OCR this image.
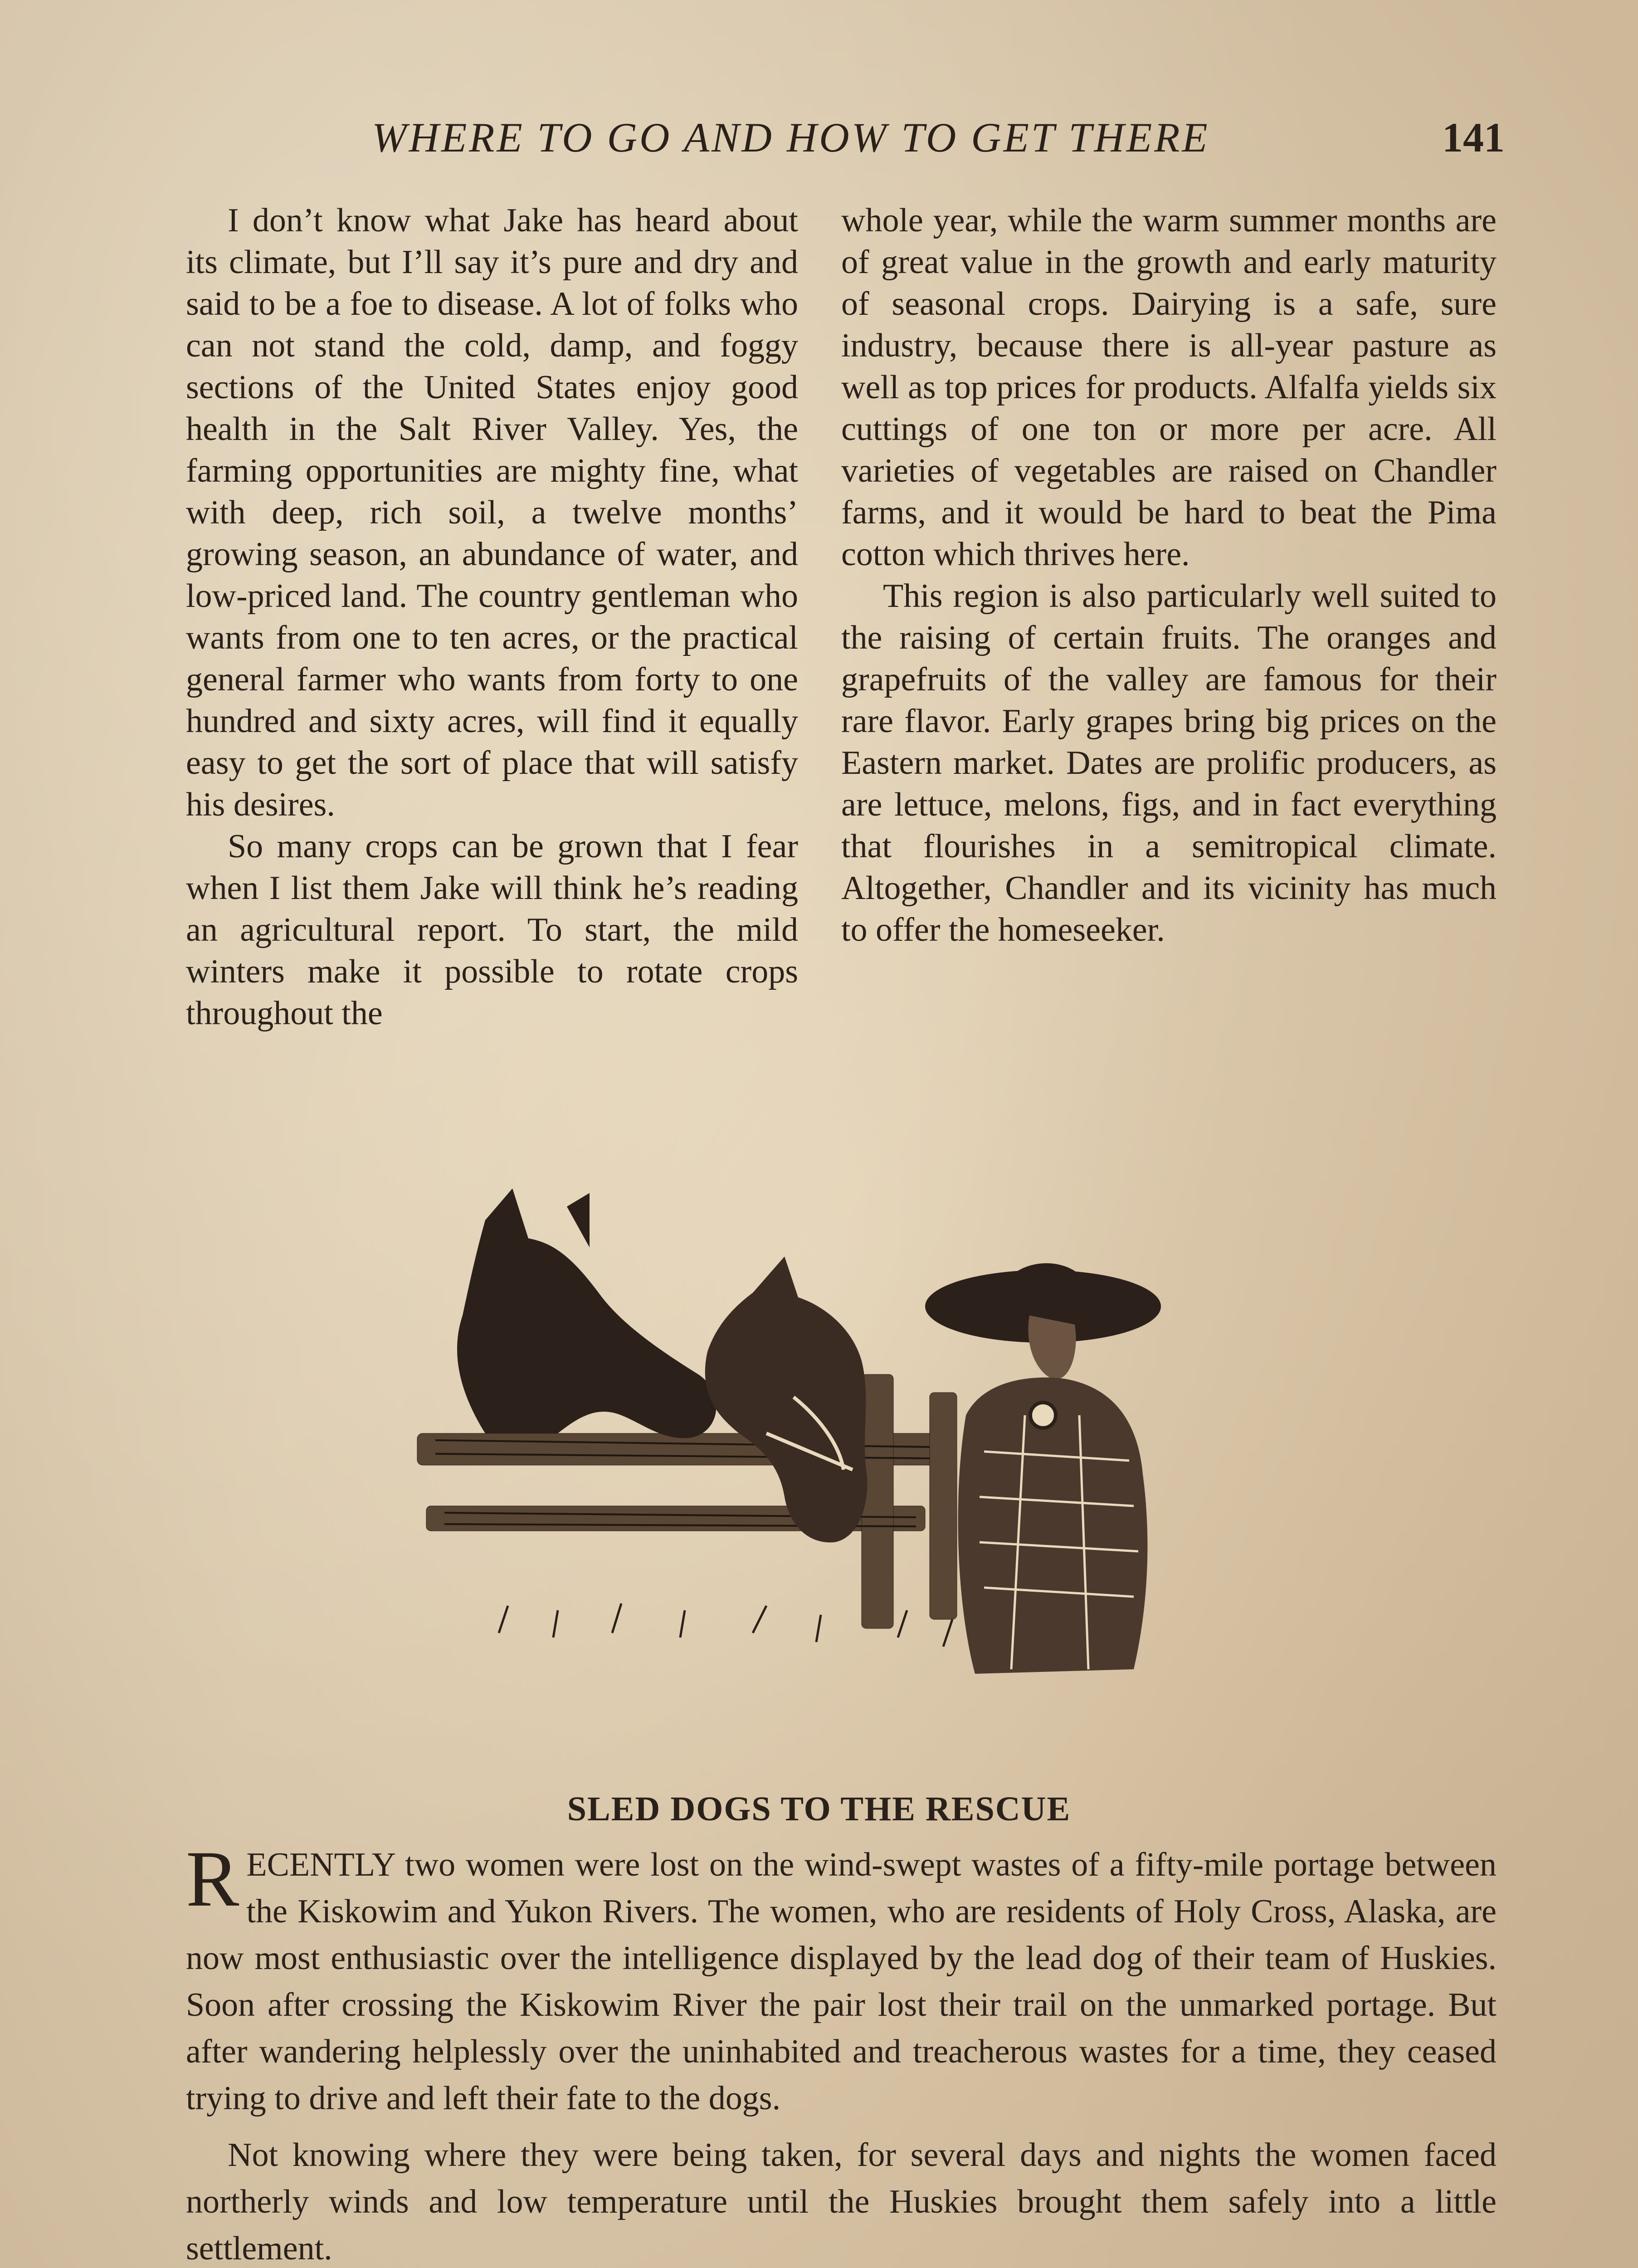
WHERE TO GO AND HOW TO GET THERE	141

I don’t know what Jake has heard about its climate, but I’ll say it’s pure and dry and said to be a foe to disease. A lot of folks who can not stand the cold, damp, and foggy sections of the United States enjoy good health in the Salt River Valley. Yes, the farming opportunities are mighty fine, what with deep, rich soil, a twelve months’ growing season, an abundance of water, and low-priced land. The country gentleman who wants from one to ten acres, or the practical general farmer who wants from forty to one hundred and sixty acres, will find it equally easy to get the sort of place that will satisfy his desires.

So many crops can be grown that I fear when I list them Jake will think he’s reading an agricultural report. To start, the mild winters make it possible to rotate crops throughout the

whole year, while the warm summer months are of great value in the growth and early maturity of seasonal crops. Dairying is a safe, sure industry, because there is all-year pasture as well as top prices for products. Alfalfa yields six cuttings of one ton or more per acre. All varieties of vegetables are raised on Chandler farms, and it would be hard to beat the Pima cotton which thrives here.

This region is also particularly well suited to the raising of certain fruits. The oranges and grapefruits of the valley are famous for their rare flavor. Early grapes bring big prices on the Eastern market. Dates are prolific producers, as are lettuce, melons, figs, and in fact everything that flourishes in a semitropical climate. Altogether, Chandler and its vicinity has much to offer the homeseeker.

SLED DOGS TO THE RESCUE

RECENTLY two women were lost on the wind-swept wastes of a fifty-mile portage between the Kiskowim and Yukon Rivers. The women, who are residents of Holy Cross, Alaska, are now most enthusiastic over the intelligence displayed by the lead dog of their team of Huskies. Soon after crossing the Kiskowim River the pair lost their trail on the unmarked portage. But after wandering helplessly over the uninhabited and treacherous wastes for a time, they ceased trying to drive and left their fate to the dogs.

Not knowing where they were being taken, for several days and nights the women faced northerly winds and low temperature until the Huskies brought them safely into a little settlement.
